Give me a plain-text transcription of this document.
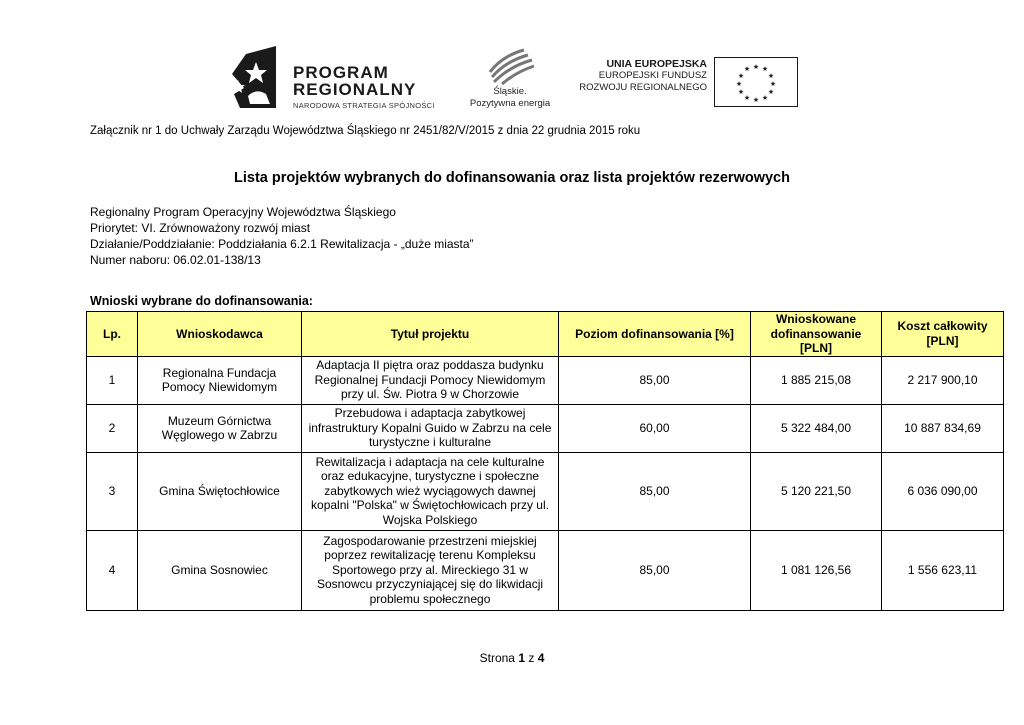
PROGRAM
REGIONALNY
NARODOWA STRATEGIA SPÓJNOŚCI
Śląskie.
Pozytywna energia
UNIA EUROPEJSKA
EUROPEJSKI FUNDUSZ
ROZWOJU REGIONALNEGO
★ ★
★
★
★
★
★
★
★
★
★
★
Załącznik nr 1 do Uchwały Zarządu Województwa Śląskiego nr 2451/82/V/2015 z dnia 22 grudnia 2015 roku
Lista projektów wybranych do dofinansowania oraz lista projektów rezerwowych
Regionalny Program Operacyjny Województwa Śląskiego
Priorytet: VI. Zrównoważony rozwój miast
Działanie/Poddziałanie: Poddziałania 6.2.1 Rewitalizacja - „duże miasta”
Numer naboru: 06.02.01-138/13
Wnioski wybrane do dofinansowania:
Lp.	Wnioskodawca	Tytuł projektu	Poziom dofinansowania [%]	Wnioskowane dofinansowanie [PLN]	Koszt całkowity [PLN]
1	Regionalna Fundacja Pomocy Niewidomym	Adaptacja II piętra oraz poddasza budynku Regionalnej Fundacji Pomocy Niewidomym przy ul. Św. Piotra 9 w Chorzowie	85,00	1 885 215,08	2 217 900,10
2	Muzeum Górnictwa Węglowego w Zabrzu	Przebudowa i adaptacja zabytkowej infrastruktury Kopalni Guido w Zabrzu na cele turystyczne i kulturalne	60,00	5 322 484,00	10 887 834,69
3	Gmina Świętochłowice	Rewitalizacja i adaptacja na cele kulturalne oraz edukacyjne, turystyczne i społeczne zabytkowych wież wyciągowych dawnej kopalni "Polska" w Świętochłowicach przy ul. Wojska Polskiego	85,00	5 120 221,50	6 036 090,00
4	Gmina Sosnowiec	Zagospodarowanie przestrzeni miejskiej poprzez rewitalizację terenu Kompleksu Sportowego przy al. Mireckiego 31 w Sosnowcu przyczyniającej się do likwidacji problemu społecznego	85,00	1 081 126,56	1 556 623,11
Strona 1 z 4
